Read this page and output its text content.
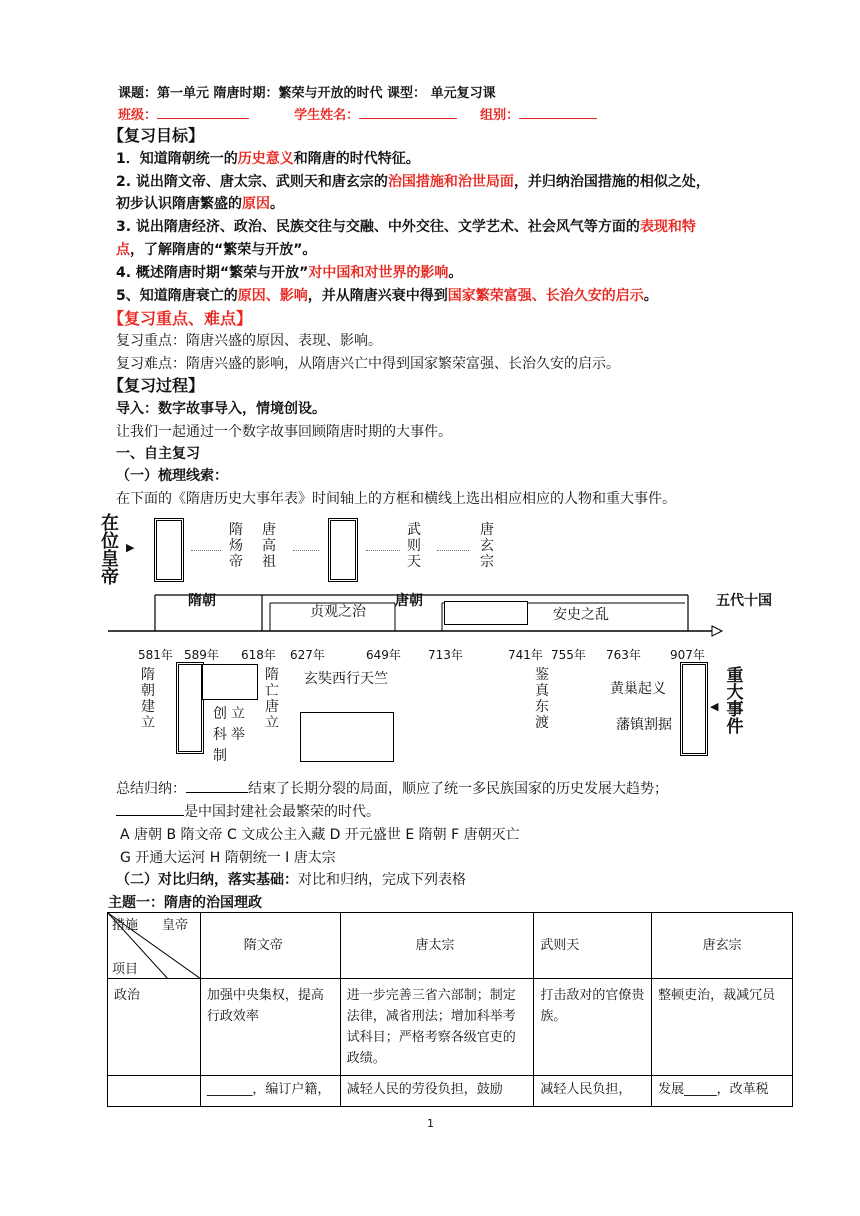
课题：第一单元 隋唐时期：繁荣与开放的时代 课型： 单元复习课
班级：	学生姓名：	组别：
【复习目标】
1．知道隋朝统一的历史意义和隋唐的时代特征。
2. 说出隋文帝、唐太宗、武则天和唐玄宗的治国措施和治世局面，并归纳治国措施的相似之处，
初步认识隋唐繁盛的原因。
3. 说出隋唐经济、政治、民族交往与交融、中外交往、文学艺术、社会风气等方面的表现和特
点，了解隋唐的“繁荣与开放”。
4. 概述隋唐时期“繁荣与开放”对中国和对世界的影响。
5、知道隋唐衰亡的原因、影响，并从隋唐兴衰中得到国家繁荣富强、长治久安的启示。
【复习重点、难点】
复习重点：隋唐兴盛的原因、表现、影响。
复习难点：隋唐兴盛的影响，从隋唐兴亡中得到国家繁荣富强、长治久安的启示。
【复习过程】
导入：数字故事导入，情境创设。
让我们一起通过一个数字故事回顾隋唐时期的大事件。
一、自主复习
（一）梳理线索：
在下面的《隋唐历史大事年表》时间轴上的方框和横线上选出相应相应的人物和重大事件。
在位皇帝
▶
隋炀帝
唐高祖
武则天
唐玄宗
隋朝	唐朝	五代十国
贞观之治	安史之乱
581年 589年 618年 627年	649年 713年	741年 755年 763年 907年
隋朝建立
创立科举制
隋亡唐立
玄奘西行天竺	鉴真东渡
黄巢起义
藩镇割据
◀
重大事件
总结归纳：	结束了长期分裂的局面，顺应了统一多民族国家的历史发展大趋势；
是中国封建社会最繁荣的时代。
A 唐朝 B 隋文帝 C 文成公主入藏 D 开元盛世 E 隋朝 F 唐朝灭亡
G 开通大运河 H 隋朝统一 I 唐太宗
（二）对比归纳，落实基础：对比和归纳，完成下列表格
主题一：隋唐的治国理政
措施 皇帝
项目	隋文帝	唐太宗	武则天	唐玄宗
政治	加强中央集权，提高行政效率	进一步完善三省六部制；制定法律，减省刑法；增加科举考试科目；严格考察各级官吏的政绩。	打击敌对的官僚贵族。	整顿吏治，裁减冗员
	_______，编订户籍，	减轻人民的劳役负担，鼓励	减轻人民负担，	发展_____，改革税
1
